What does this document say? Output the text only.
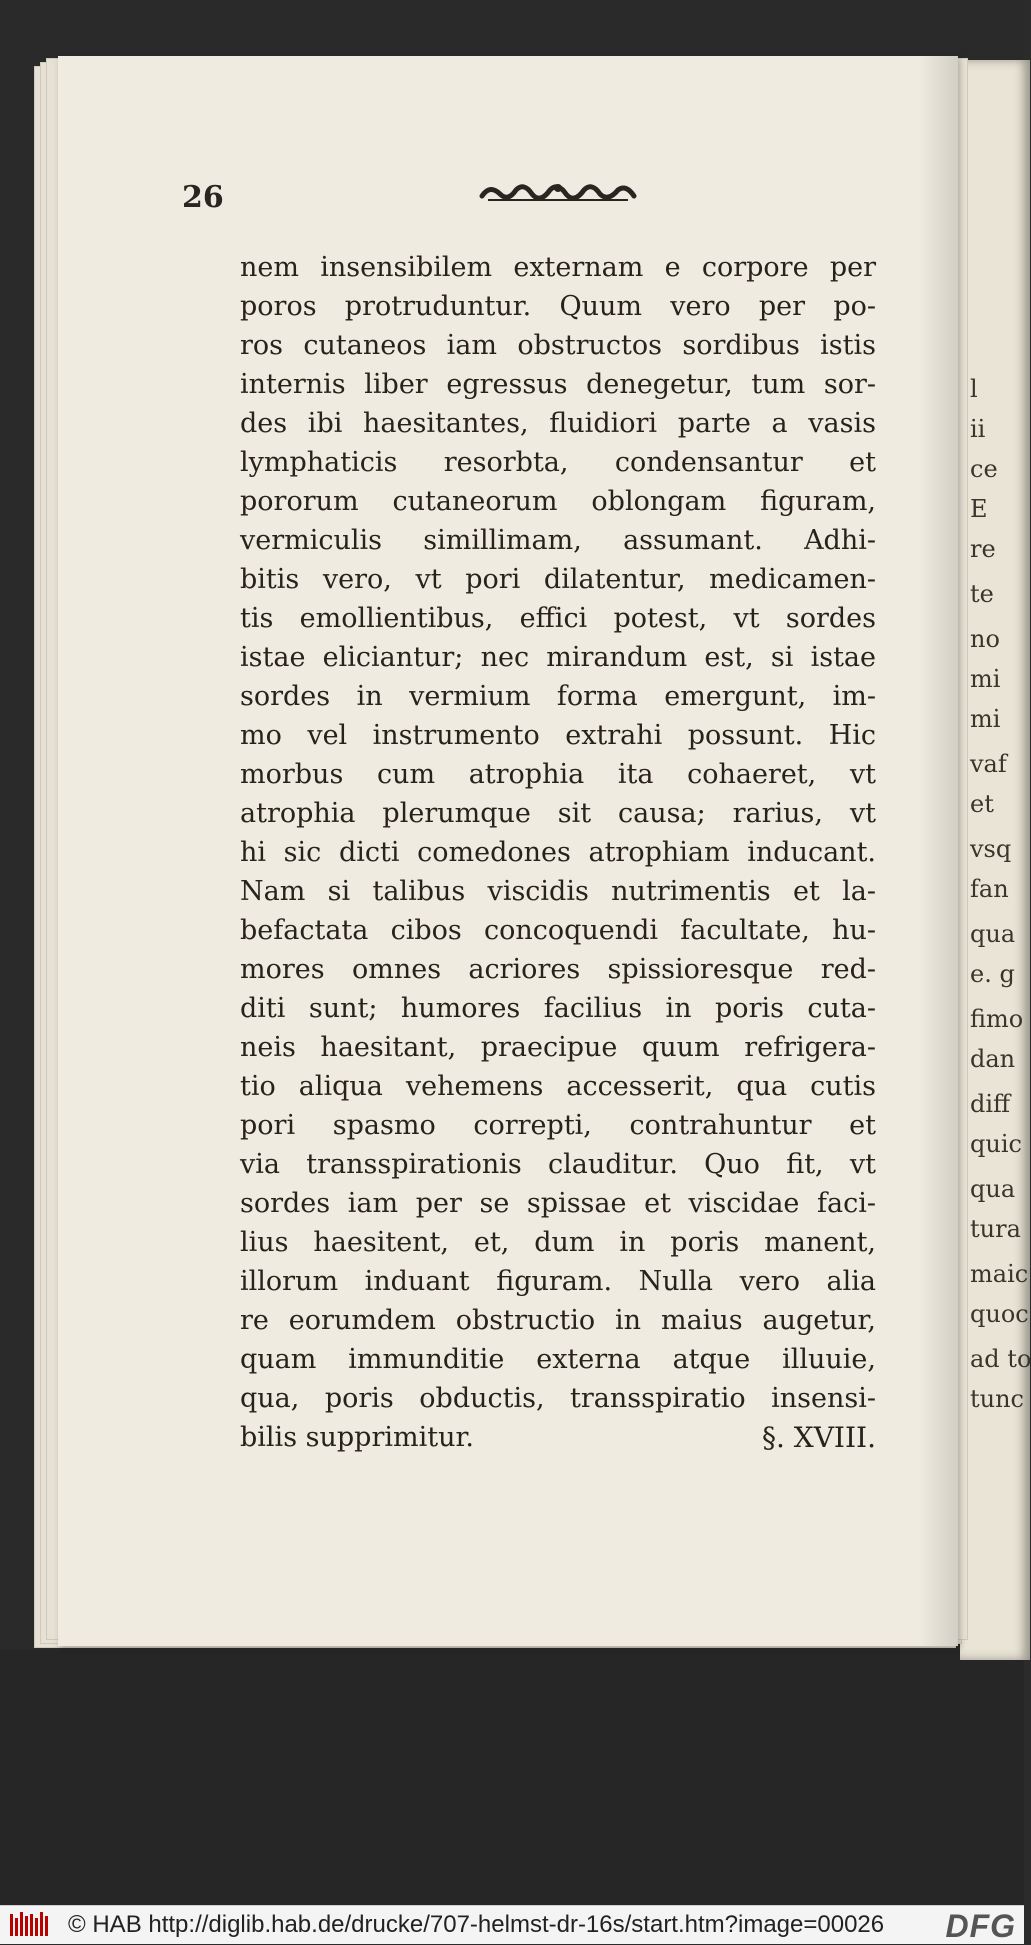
l
ii
ce
E
re
te
no
mi
mi
vaf
et
vsq
fan
qua
e. g
fimo
dan
diff
quic
qua
tura
maic
quoc
ad to
tunc

26

nem insensibilem externam e corpore per
poros protruduntur. Quum vero per po-
ros cutaneos iam obstructos sordibus istis
internis liber egressus denegetur, tum sor-
des ibi haesitantes, fluidiori parte a vasis
lymphaticis resorbta, condensantur et
pororum cutaneorum oblongam figuram,
vermiculis simillimam, assumant. Adhi-
bitis vero, vt pori dilatentur, medicamen-
tis emollientibus, effici potest, vt sordes
istae eliciantur; nec mirandum est, si istae
sordes in vermium forma emergunt, im-
mo vel instrumento extrahi possunt. Hic
morbus cum atrophia ita cohaeret, vt
atrophia plerumque sit causa; rarius, vt
hi sic dicti comedones atrophiam inducant.
Nam si talibus viscidis nutrimentis et la-
befactata cibos concoquendi facultate, hu-
mores omnes acriores spissioresque red-
diti sunt; humores facilius in poris cuta-
neis haesitant, praecipue quum refrigera-
tio aliqua vehemens accesserit, qua cutis
pori spasmo correpti, contrahuntur et
via transspirationis clauditur. Quo fit, vt
sordes iam per se spissae et viscidae faci-
lius haesitent, et, dum in poris manent,
illorum induant figuram. Nulla vero alia
re eorumdem obstructio in maius augetur,
quam immunditie externa atque illuuie,
qua, poris obductis, transspiratio insensi-
bilis supprimitur.	§. XVIII.
© HAB http://diglib.hab.de/drucke/707-helmst-dr-16s/start.htm?image=00026 DFG
